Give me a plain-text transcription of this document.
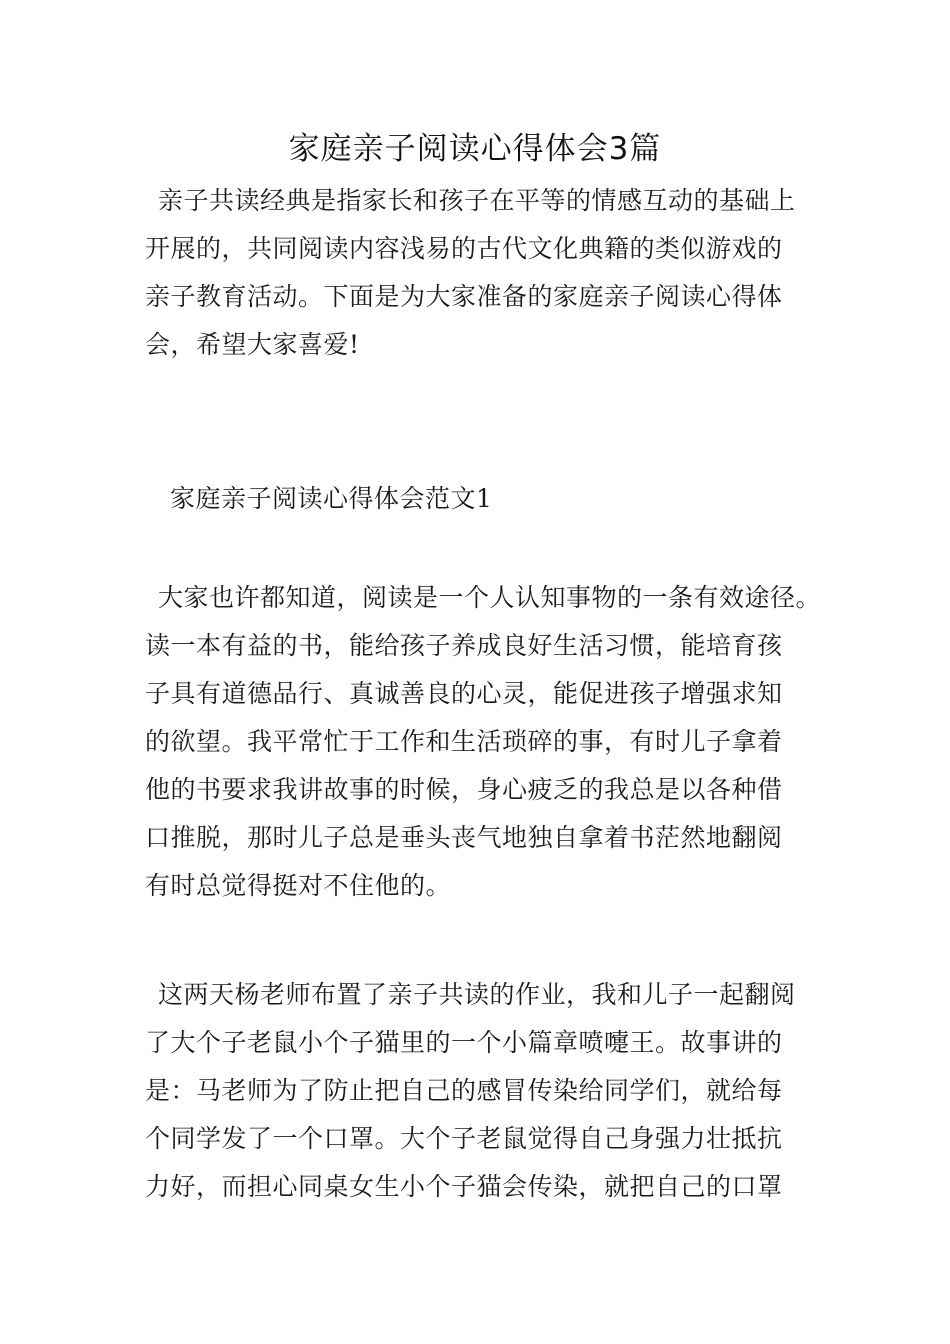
家庭亲子阅读心得体会3篇
亲子共读经典是指家长和孩子在平等的情感互动的基础上
开展的，共同阅读内容浅易的古代文化典籍的类似游戏的
亲子教育活动。下面是为大家准备的家庭亲子阅读心得体
会，希望大家喜爱!
家庭亲子阅读心得体会范文1
大家也许都知道，阅读是一个人认知事物的一条有效途径。
读一本有益的书，能给孩子养成良好生活习惯，能培育孩
子具有道德品行、真诚善良的心灵，能促进孩子增强求知
的欲望。我平常忙于工作和生活琐碎的事，有时儿子拿着
他的书要求我讲故事的时候，身心疲乏的我总是以各种借
口推脱，那时儿子总是垂头丧气地独自拿着书茫然地翻阅
有时总觉得挺对不住他的。
这两天杨老师布置了亲子共读的作业，我和儿子一起翻阅
了大个子老鼠小个子猫里的一个小篇章喷嚏王。故事讲的
是：马老师为了防止把自己的感冒传染给同学们，就给每
个同学发了一个口罩。大个子老鼠觉得自己身强力壮抵抗
力好，而担心同桌女生小个子猫会传染，就把自己的口罩
